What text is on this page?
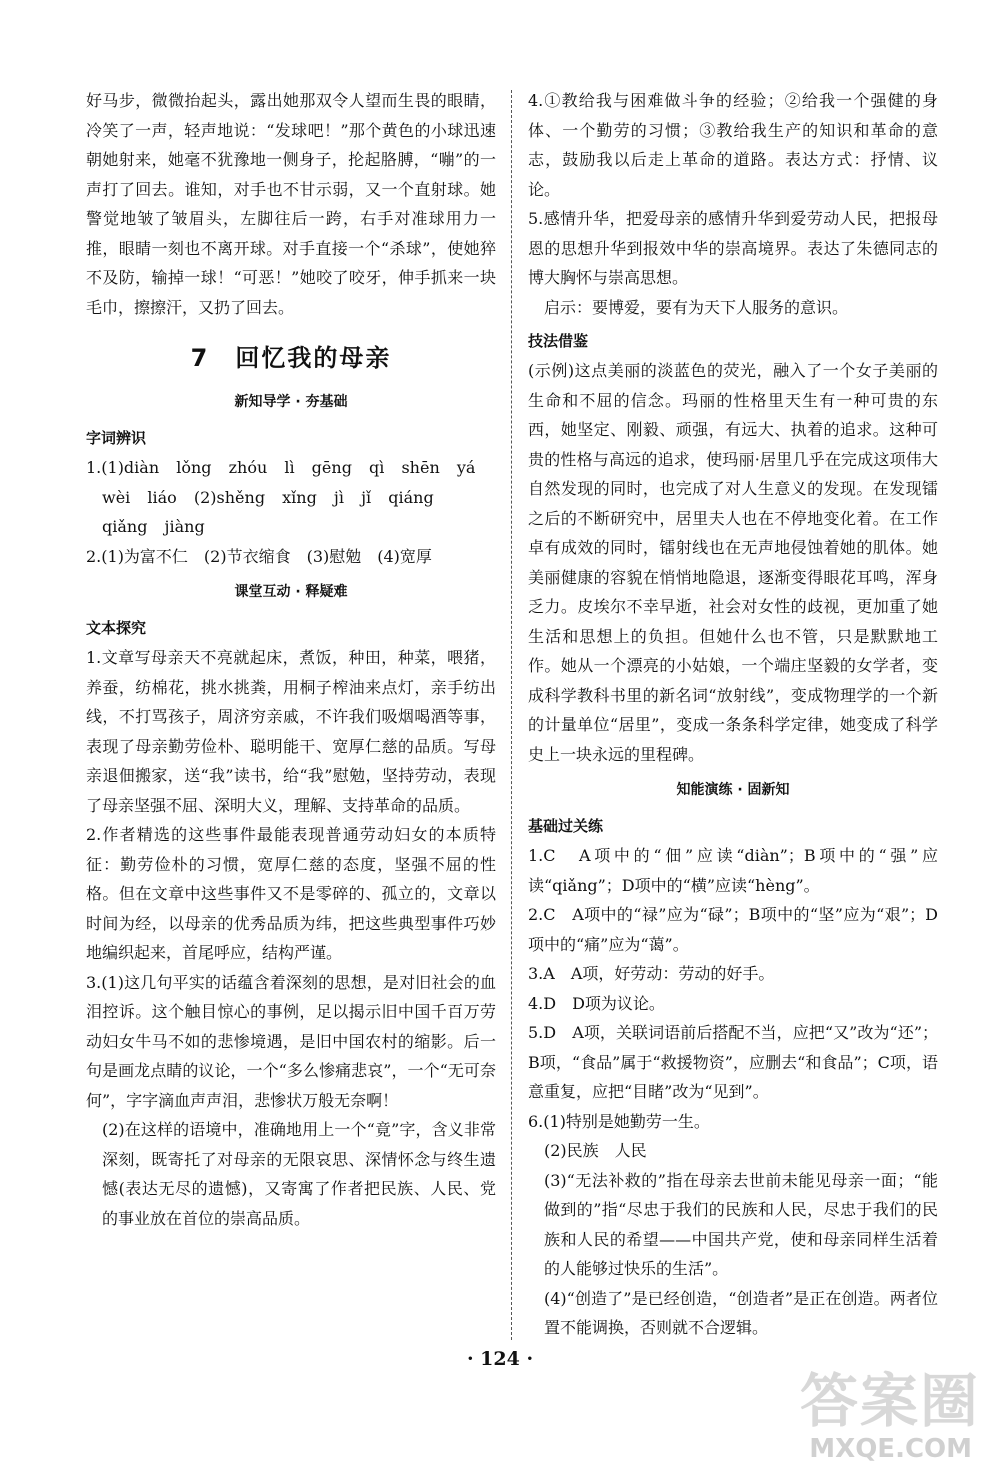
好马步，微微抬起头，露出她那双令人望而生畏的眼睛，冷笑了一声，轻声地说：“发球吧！”那个黄色的小球迅速朝她射来，她毫不犹豫地一侧身子，抡起胳膊，“嘣”的一声打了回去。谁知，对手也不甘示弱，又一个直射球。她警觉地皱了皱眉头，左脚往后一跨，右手对准球用力一推，眼睛一刻也不离开球。对手直接一个“杀球”，使她猝不及防，输掉一球！“可恶！”她咬了咬牙，伸手抓来一块毛巾，擦擦汗，又扔了回去。

7　回忆我的母亲
新知导学 · 夯基础
字词辨识

1.(1)diàn lǒng zhóu lì gēng qì shēn yá

wèi liáo (2)shěng xǐng jì jǐ qiáng

qiǎng jiàng

2.(1)为富不仁　(2)节衣缩食　(3)慰勉　(4)宽厚

课堂互动 · 释疑难
文本探究

1.文章写母亲天不亮就起床，煮饭，种田，种菜，喂猪，养蚕，纺棉花，挑水挑粪，用桐子榨油来点灯，亲手纺出线，不打骂孩子，周济穷亲戚，不许我们吸烟喝酒等事，表现了母亲勤劳俭朴、聪明能干、宽厚仁慈的品质。写母亲退佃搬家，送“我”读书，给“我”慰勉，坚持劳动，表现了母亲坚强不屈、深明大义，理解、支持革命的品质。

2.作者精选的这些事件最能表现普通劳动妇女的本质特征：勤劳俭朴的习惯，宽厚仁慈的态度，坚强不屈的性格。但在文章中这些事件又不是零碎的、孤立的，文章以时间为经，以母亲的优秀品质为纬，把这些典型事件巧妙地编织起来，首尾呼应，结构严谨。

3.(1)这几句平实的话蕴含着深刻的思想，是对旧社会的血泪控诉。这个触目惊心的事例，足以揭示旧中国千百万劳动妇女牛马不如的悲惨境遇，是旧中国农村的缩影。后一句是画龙点睛的议论，一个“多么惨痛悲哀”，一个“无可奈何”，字字滴血声声泪，悲惨状万般无奈啊！

(2)在这样的语境中，准确地用上一个“竟”字，含义非常深刻，既寄托了对母亲的无限哀思、深情怀念与终生遗憾(表达无尽的遗憾)，又寄寓了作者把民族、人民、党的事业放在首位的崇高品质。

4.①教给我与困难做斗争的经验；②给我一个强健的身体、一个勤劳的习惯；③教给我生产的知识和革命的意志，鼓励我以后走上革命的道路。表达方式：抒情、议论。

5.感情升华，把爱母亲的感情升华到爱劳动人民，把报母恩的思想升华到报效中华的崇高境界。表达了朱德同志的博大胸怀与崇高思想。

启示：要博爱，要有为天下人服务的意识。

技法借鉴

(示例)这点美丽的淡蓝色的荧光，融入了一个女子美丽的生命和不屈的信念。玛丽的性格里天生有一种可贵的东西，她坚定、刚毅、顽强，有远大、执着的追求。这种可贵的性格与高远的追求，使玛丽·居里几乎在完成这项伟大自然发现的同时，也完成了对人生意义的发现。在发现镭之后的不断研究中，居里夫人也在不停地变化着。在工作卓有成效的同时，镭射线也在无声地侵蚀着她的肌体。她美丽健康的容貌在悄悄地隐退，逐渐变得眼花耳鸣，浑身乏力。皮埃尔不幸早逝，社会对女性的歧视，更加重了她生活和思想上的负担。但她什么也不管，只是默默地工作。她从一个漂亮的小姑娘，一个端庄坚毅的女学者，变成科学教科书里的新名词“放射线”，变成物理学的一个新的计量单位“居里”，变成一条条科学定律，她变成了科学史上一块永远的里程碑。

知能演练 · 固新知
基础过关练

1.C　A项中的“佃”应读“diàn”；B项中的“强”应读“qiǎng”；D项中的“横”应读“hèng”。

2.C　A项中的“禄”应为“碌”；B项中的“坚”应为“艰”；D项中的“痛”应为“蔼”。

3.A　A项，好劳动：劳动的好手。

4.D　D项为议论。

5.D　A项，关联词语前后搭配不当，应把“又”改为“还”；B项，“食品”属于“救援物资”，应删去“和食品”；C项，语意重复，应把“目睹”改为“见到”。

6.(1)特别是她勤劳一生。

(2)民族　人民

(3)“无法补救的”指在母亲去世前未能见母亲一面；“能做到的”指“尽忠于我们的民族和人民，尽忠于我们的民族和人民的希望——中国共产党，使和母亲同样生活着的人能够过快乐的生活”。

(4)“创造了”是已经创造，“创造者”是正在创造。两者位置不能调换，否则就不合逻辑。

· 124 ·
答案圈
MXQE.COM
